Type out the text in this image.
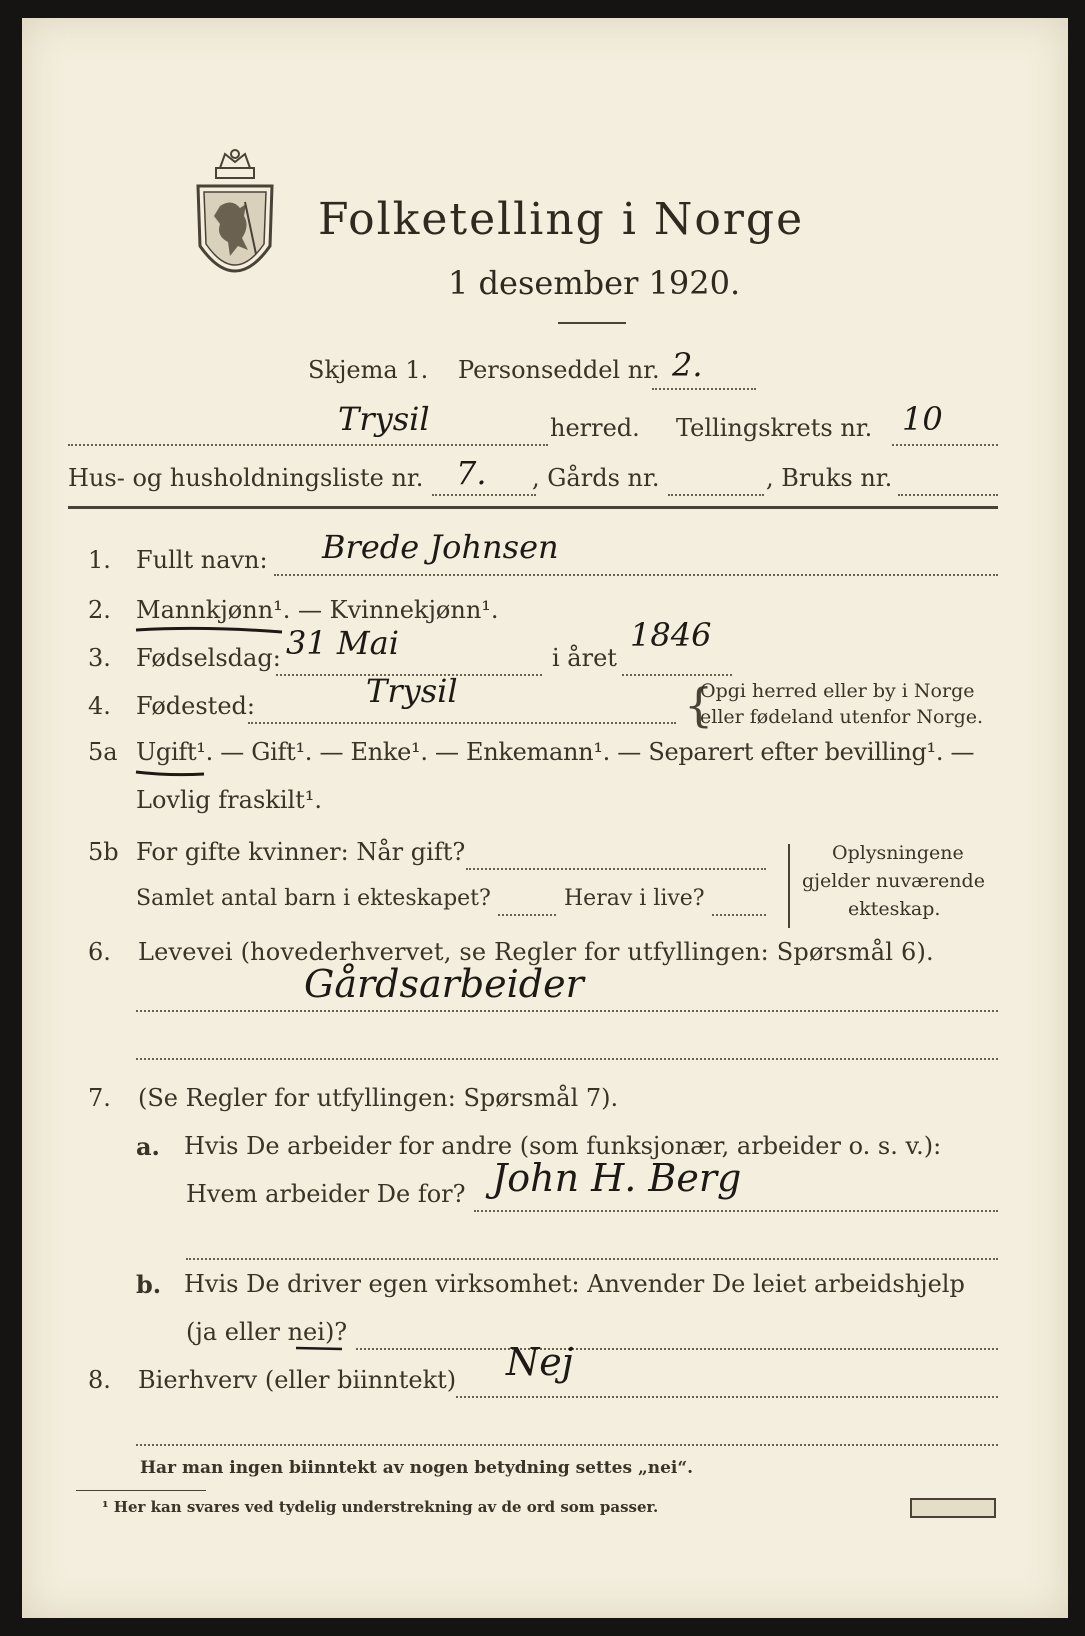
Folketelling i Norge
1 desember 1920.
Skjema 1. Personseddel nr. 2.
Trysil	herred. Tellingskrets nr. 10
Hus- og husholdningsliste nr. 7. , Gårds nr.	, Bruks nr.
1. Fullt navn: Brede Johnsen
2. Mannkjønn¹. — Kvinnekjønn¹.
3. Fødselsdag: 31 Mai	i året
1846
4. Fødested:	Trysil	{
Opgi herred eller by i Norge
eller fødeland utenfor Norge.
5a Ugift¹. — Gift¹. — Enke¹. — Enkemann¹. — Separert efter bevilling¹. —
Lovlig fraskilt¹.
5b For gifte kvinner: Når gift?
Samlet antal barn i ekteskapet?	Herav i live?
Oplysningene
gjelder nuværende
ekteskap.
6. Levevei (hovederhvervet, se Regler for utfyllingen: Spørsmål 6).
Gårdsarbeider
7. (Se Regler for utfyllingen: Spørsmål 7).
a. Hvis De arbeider for andre (som funksjonær, arbeider o. s. v.):
Hvem arbeider De for? John H. Berg
b. Hvis De driver egen virksomhet: Anvender De leiet arbeidshjelp
(ja eller nei)?
8. Bierhverv (eller biinntekt) Nej
Har man ingen biinntekt av nogen betydning settes „nei“.
¹ Her kan svares ved tydelig understrekning av de ord som passer.
